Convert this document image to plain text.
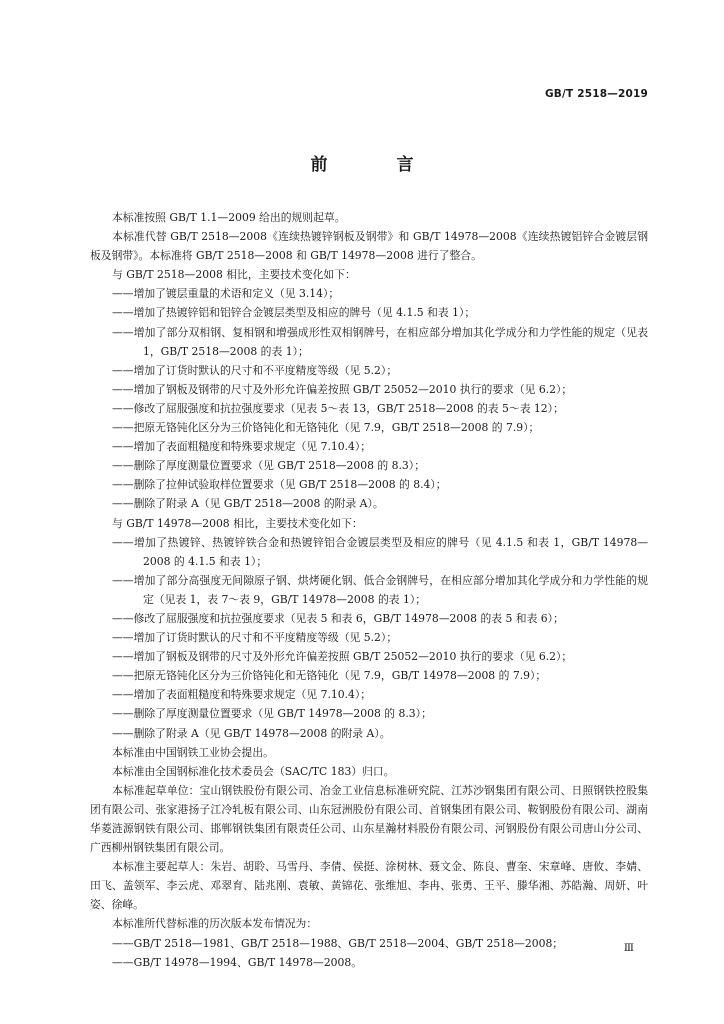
GB/T 2518—2019
前　言

本标准按照 GB/T 1.1—2009 给出的规则起草。

本标准代替 GB/T 2518—2008《连续热镀锌钢板及钢带》和 GB/T 14978—2008《连续热镀铝锌合金镀层钢板及钢带》。本标准将 GB/T 2518—2008 和 GB/T 14978—2008 进行了整合。

与 GB/T 2518—2008 相比，主要技术变化如下：

——增加了镀层重量的术语和定义（见 3.14）；

——增加了热镀锌铝和铝锌合金镀层类型及相应的牌号（见 4.1.5 和表 1）；

——增加了部分双相钢、复相钢和增强成形性双相钢牌号，在相应部分增加其化学成分和力学性能的规定（见表 1，GB/T 2518—2008 的表 1）；

——增加了订货时默认的尺寸和不平度精度等级（见 5.2）；

——增加了钢板及钢带的尺寸及外形允许偏差按照 GB/T 25052—2010 执行的要求（见 6.2）；

——修改了屈服强度和抗拉强度要求（见表 5～表 13，GB/T 2518—2008 的表 5～表 12）；

——把原无铬钝化区分为三价铬钝化和无铬钝化（见 7.9，GB/T 2518—2008 的 7.9）；

——增加了表面粗糙度和特殊要求规定（见 7.10.4）；

——删除了厚度测量位置要求（见 GB/T 2518—2008 的 8.3）；

——删除了拉伸试验取样位置要求（见 GB/T 2518—2008 的 8.4）；

——删除了附录 A（见 GB/T 2518—2008 的附录 A）。

与 GB/T 14978—2008 相比，主要技术变化如下：

——增加了热镀锌、热镀锌铁合金和热镀锌铝合金镀层类型及相应的牌号（见 4.1.5 和表 1，GB/T 14978—2008 的 4.1.5 和表 1）；

——增加了部分高强度无间隙原子钢、烘烤硬化钢、低合金钢牌号，在相应部分增加其化学成分和力学性能的规定（见表 1，表 7～表 9，GB/T 14978—2008 的表 1）；

——修改了屈服强度和抗拉强度要求（见表 5 和表 6，GB/T 14978—2008 的表 5 和表 6）；

——增加了订货时默认的尺寸和不平度精度等级（见 5.2）；

——增加了钢板及钢带的尺寸及外形允许偏差按照 GB/T 25052—2010 执行的要求（见 6.2）；

——把原无铬钝化区分为三价铬钝化和无铬钝化（见 7.9，GB/T 14978—2008 的 7.9）；

——增加了表面粗糙度和特殊要求规定（见 7.10.4）；

——删除了厚度测量位置要求（见 GB/T 14978—2008 的 8.3）；

——删除了附录 A（见 GB/T 14978—2008 的附录 A）。

本标准由中国钢铁工业协会提出。

本标准由全国钢标准化技术委员会（SAC/TC 183）归口。

本标准起草单位：宝山钢铁股份有限公司、冶金工业信息标准研究院、江苏沙钢集团有限公司、日照钢铁控股集团有限公司、张家港扬子江冷轧板有限公司、山东冠洲股份有限公司、首钢集团有限公司、鞍钢股份有限公司、湖南华菱涟源钢铁有限公司、邯郸钢铁集团有限责任公司、山东星瀚材料股份有限公司、河钢股份有限公司唐山分公司、广西柳州钢铁集团有限公司。

本标准主要起草人：朱岩、胡聆、马雪丹、李倩、侯挺、涂树林、聂文金、陈良、曹奎、宋章峰、唐攸、李婧、田飞、盖领军、李云虎、邓翠育、陆兆刚、袁敏、黄锦花、张维旭、李冉、张勇、王平、滕华湘、苏皓瀚、周妍、叶姿、徐峰。

本标准所代替标准的历次版本发布情况为：

——GB/T 2518—1981、GB/T 2518—1988、GB/T 2518—2004、GB/T 2518—2008；

——GB/T 14978—1994、GB/T 14978—2008。

Ⅲ
